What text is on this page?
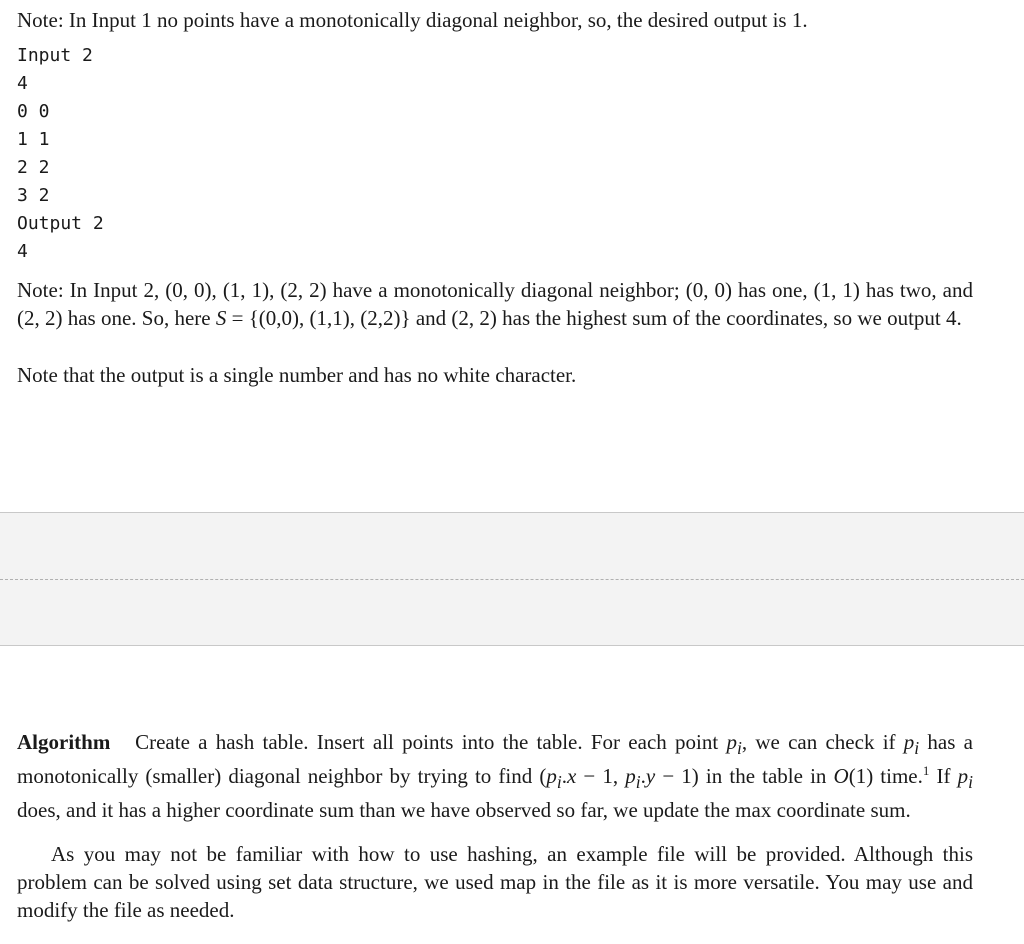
Note: In Input 1 no points have a monotonically diagonal neighbor, so, the desired output is 1.
Input 2
4
0 0
1 1
2 2
3 2
Output 2
4
Note: In Input 2, (0, 0), (1, 1), (2, 2) have a monotonically diagonal neighbor; (0, 0) has one, (1, 1) has two, and (2, 2) has one. So, here S = {(0,0), (1,1), (2,2)} and (2, 2) has the highest sum of the coordinates, so we output 4.
Note that the output is a single number and has no white character.
Algorithm Create a hash table. Insert all points into the table. For each point $p_i$, we can check if $p_i$ has a monotonically (smaller) diagonal neighbor by trying to find ($p_i.x - 1$, $p_i.y - 1$) in the table in O(1) time.$^1$ If $p_i$ does, and it has a higher coordinate sum than we have observed so far, we update the max coordinate sum.
As you may not be familiar with how to use hashing, an example file will be provided. Although this problem can be solved using set data structure, we used map in the file as it is more versatile. You may use and modify the file as needed.
